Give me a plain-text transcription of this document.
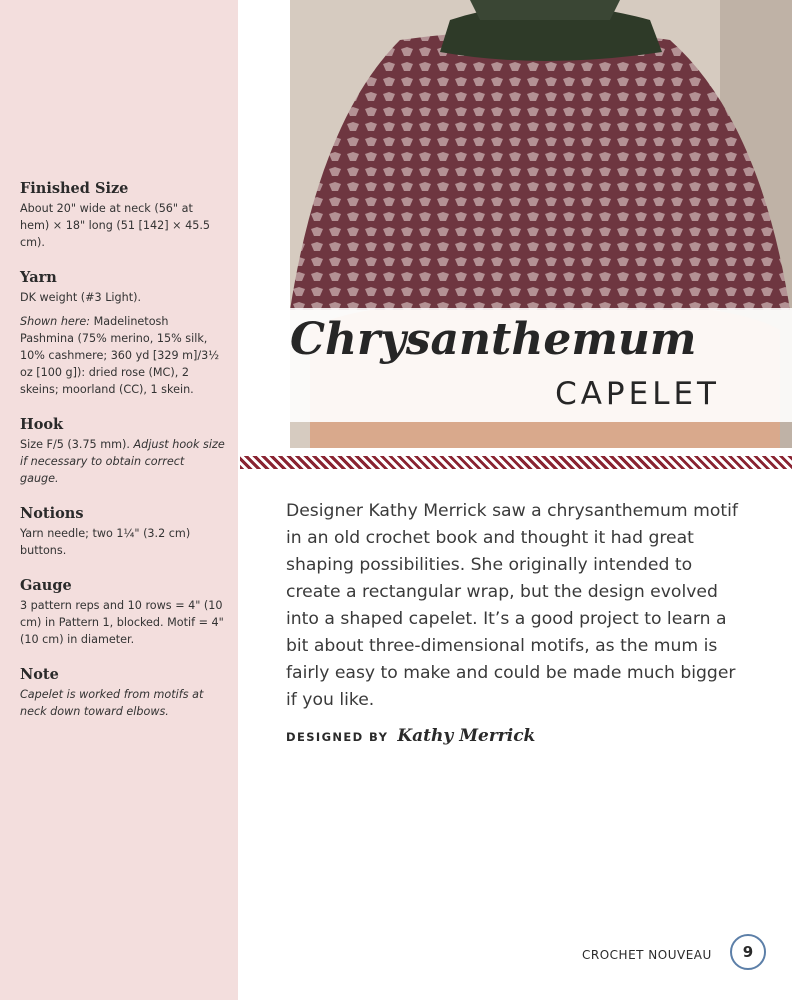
Finished Size

About 20" wide at neck (56" at hem) × 18" long (51 [142] × 45.5 cm).

Yarn

DK weight (#3 Light).

Shown here: Madelinetosh Pashmina (75% merino, 15% silk, 10% cashmere; 360 yd [329 m]/3½ oz [100 g]): dried rose (MC), 2 skeins; moorland (CC), 1 skein.

Hook

Size F/5 (3.75 mm). Adjust hook size if necessary to obtain correct gauge.

Notions

Yarn needle; two 1¼" (3.2 cm) buttons.

Gauge

3 pattern reps and 10 rows = 4" (10 cm) in Pattern 1, blocked. Motif = 4" (10 cm) in diameter.

Note

Capelet is worked from motifs at neck down toward elbows.

Chrysanthemum
CAPELET

Designer Kathy Merrick saw a chrysanthemum motif in an old crochet book and thought it had great shaping possibilities. She originally intended to create a rectangular wrap, but the design evolved into a shaped capelet. It’s a good project to learn a bit about three-dimensional motifs, as the mum is fairly easy to make and could be made much bigger if you like.

DESIGNED BY Kathy Merrick
CROCHET NOUVEAU	9
